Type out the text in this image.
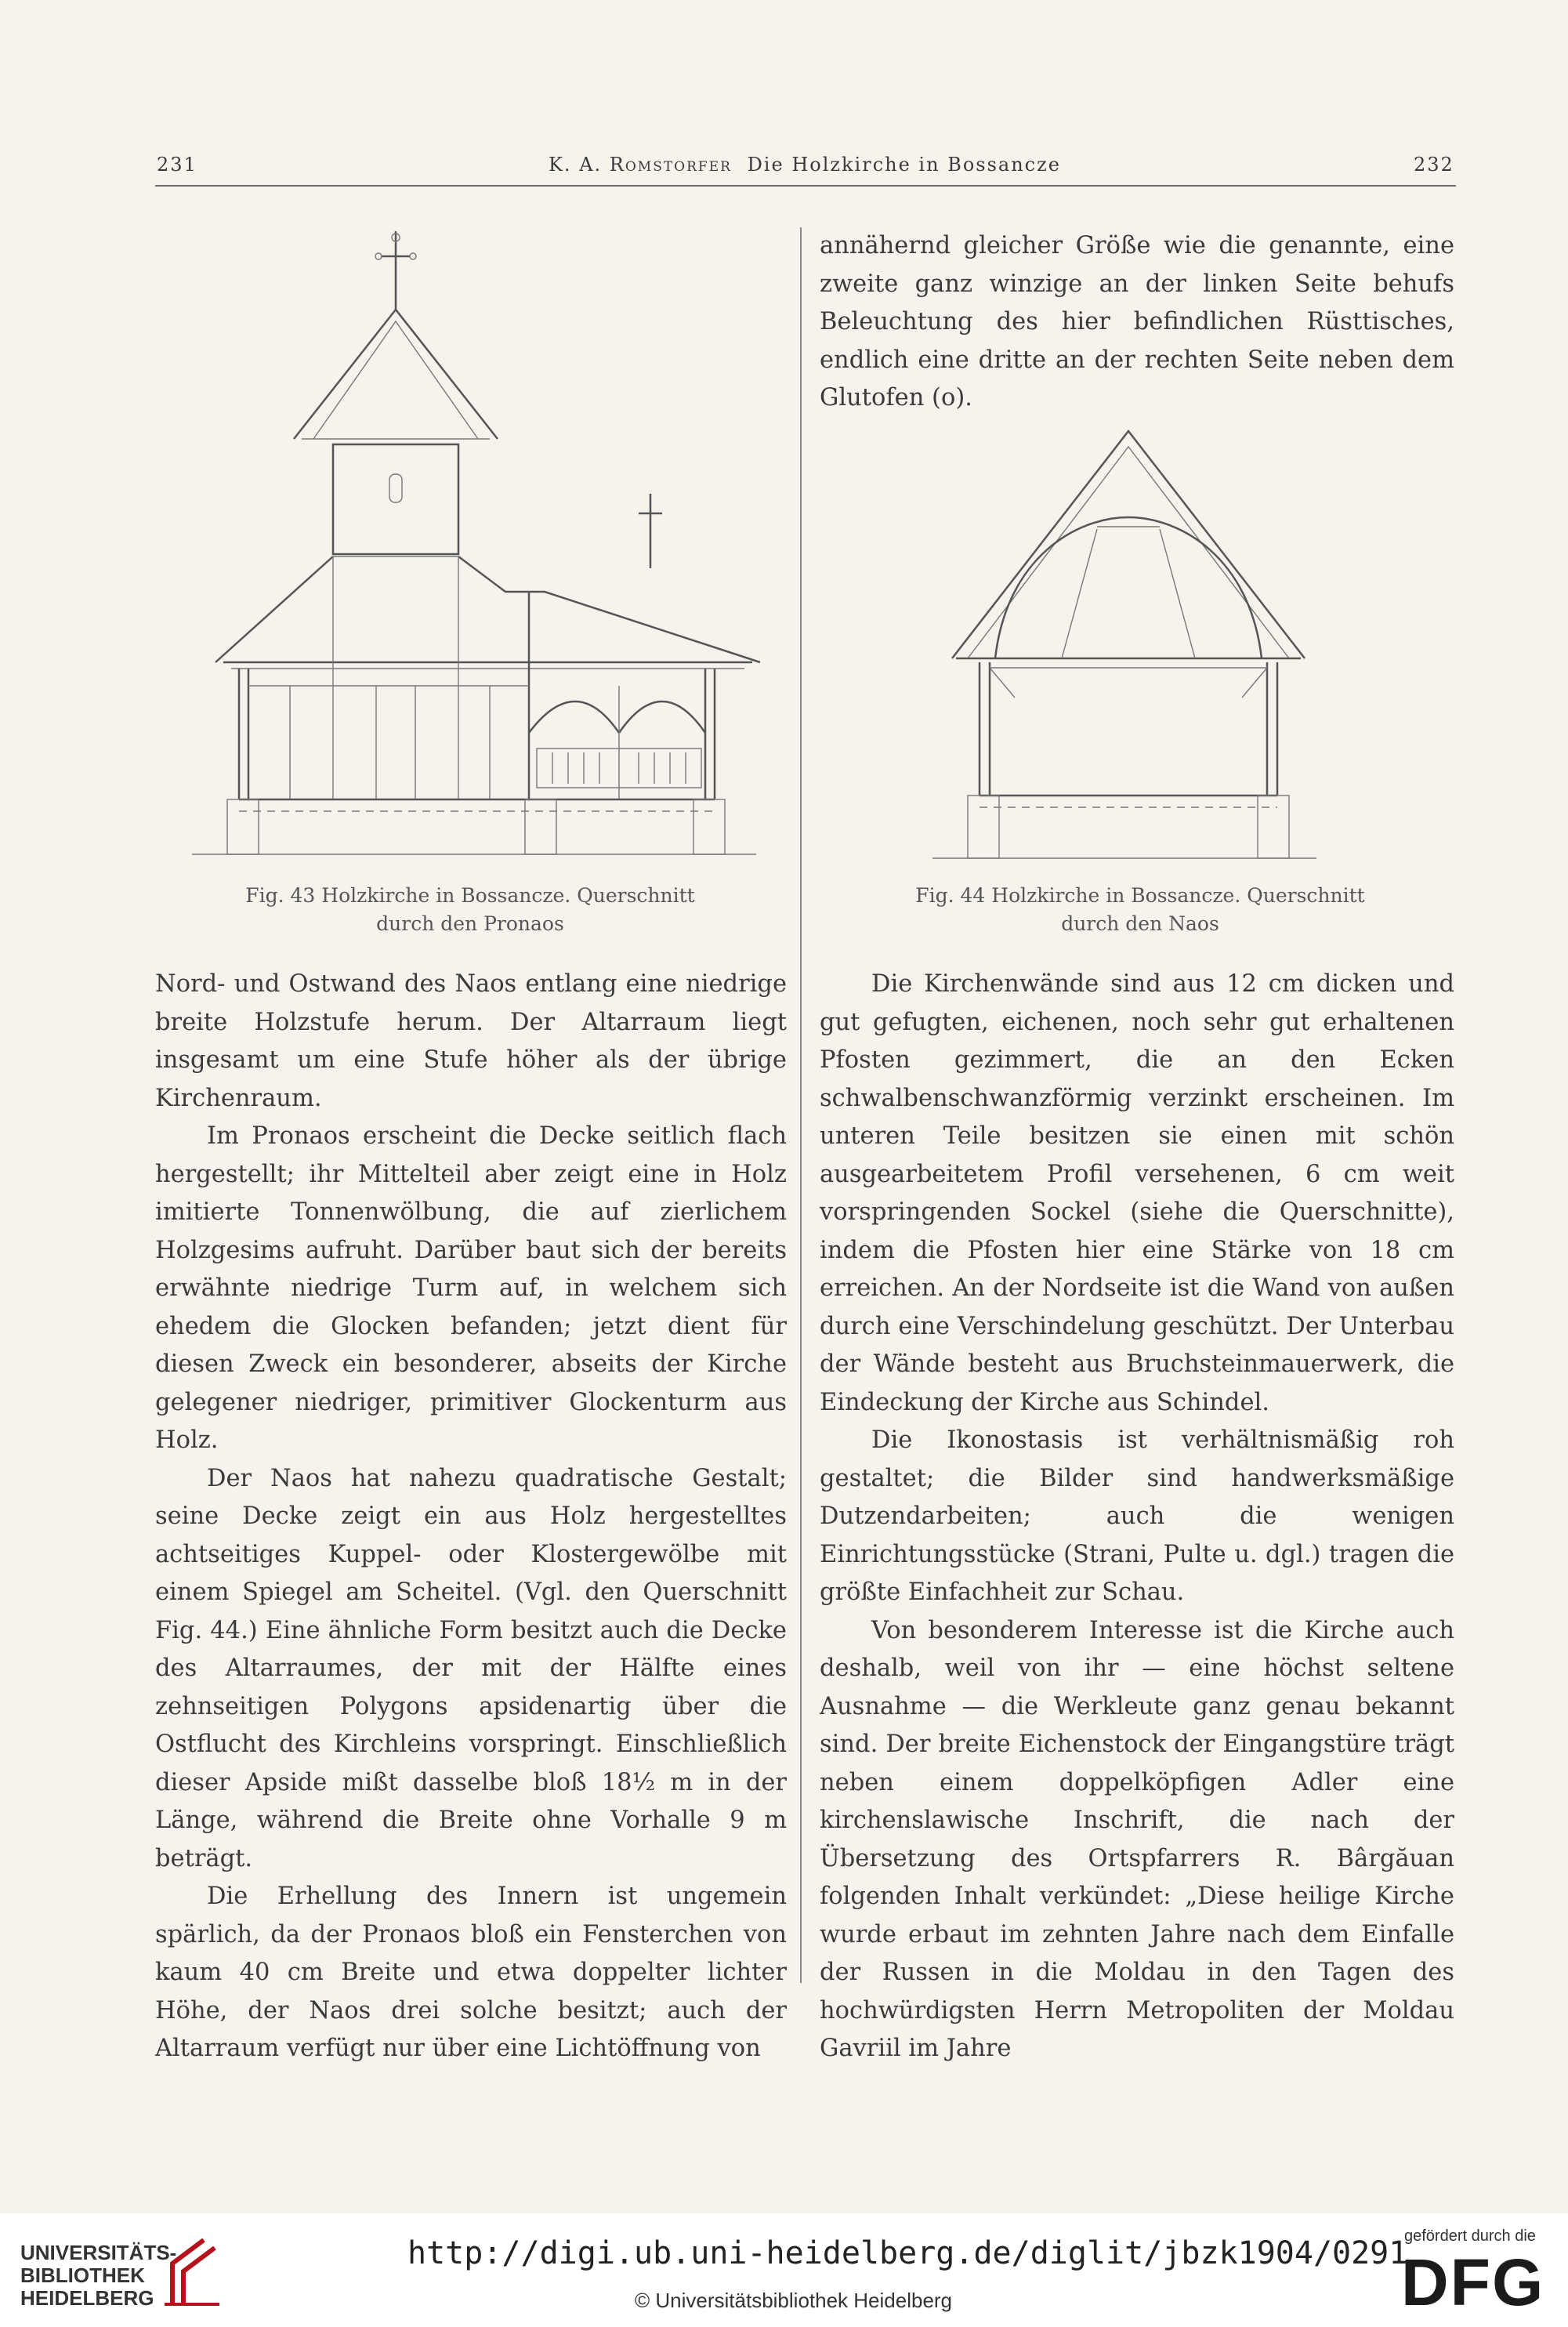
231	K. A. Romstorfer Die Holzkirche in Bossancze	232
Fig. 43 Holzkirche in Bossancze. Querschnitt
durch den Pronaos

annähernd gleicher Größe wie die genannte, eine zweite ganz winzige an der linken Seite behufs Beleuchtung des hier befindlichen Rüsttisches, endlich eine dritte an der rechten Seite neben dem Glutofen (o).

Fig. 44 Holzkirche in Bossancze. Querschnitt
durch den Naos

Nord- und Ostwand des Naos entlang eine niedrige breite Holzstufe herum. Der Altarraum liegt insgesamt um eine Stufe höher als der übrige Kirchenraum.

Im Pronaos erscheint die Decke seitlich flach hergestellt; ihr Mittelteil aber zeigt eine in Holz imitierte Tonnenwölbung, die auf zierlichem Holzgesims aufruht. Darüber baut sich der bereits erwähnte niedrige Turm auf, in welchem sich ehedem die Glocken befanden; jetzt dient für diesen Zweck ein besonderer, abseits der Kirche gelegener niedriger, primitiver Glockenturm aus Holz.

Der Naos hat nahezu quadratische Gestalt; seine Decke zeigt ein aus Holz hergestelltes achtseitiges Kuppel- oder Klostergewölbe mit einem Spiegel am Scheitel. (Vgl. den Querschnitt Fig. 44.) Eine ähnliche Form besitzt auch die Decke des Altarraumes, der mit der Hälfte eines zehnseitigen Polygons apsidenartig über die Ostflucht des Kirchleins vorspringt. Einschließlich dieser Apside mißt dasselbe bloß 18½ m in der Länge, während die Breite ohne Vorhalle 9 m beträgt.

Die Erhellung des Innern ist ungemein spärlich, da der Pronaos bloß ein Fensterchen von kaum 40 cm Breite und etwa doppelter lichter Höhe, der Naos drei solche besitzt; auch der Altarraum verfügt nur über eine Lichtöffnung von

Die Kirchenwände sind aus 12 cm dicken und gut gefugten, eichenen, noch sehr gut erhaltenen Pfosten gezimmert, die an den Ecken schwalbenschwanzförmig verzinkt erscheinen. Im unteren Teile besitzen sie einen mit schön ausgearbeitetem Profil versehenen, 6 cm weit vorspringenden Sockel (siehe die Querschnitte), indem die Pfosten hier eine Stärke von 18 cm erreichen. An der Nordseite ist die Wand von außen durch eine Verschindelung geschützt. Der Unterbau der Wände besteht aus Bruchsteinmauerwerk, die Eindeckung der Kirche aus Schindel.

Die Ikonostasis ist verhältnismäßig roh gestaltet; die Bilder sind handwerksmäßige Dutzendarbeiten; auch die wenigen Einrichtungsstücke (Strani, Pulte u. dgl.) tragen die größte Einfachheit zur Schau.

Von besonderem Interesse ist die Kirche auch deshalb, weil von ihr — eine höchst seltene Ausnahme — die Werkleute ganz genau bekannt sind. Der breite Eichenstock der Eingangstüre trägt neben einem doppelköpfigen Adler eine kirchenslawische Inschrift, die nach der Übersetzung des Ortspfarrers R. Bârgăuan folgenden Inhalt verkündet: „Diese heilige Kirche wurde erbaut im zehnten Jahre nach dem Einfalle der Russen in die Moldau in den Tagen des hochwürdigsten Herrn Metropoliten der Moldau Gavriil im Jahre

UNIVERSITÄTS-
BIBLIOTHEK
HEIDELBERG
http://digi.ub.uni-heidelberg.de/diglit/jbzk1904/0291
© Universitätsbibliothek Heidelberg
gefördert durch die
DFG
